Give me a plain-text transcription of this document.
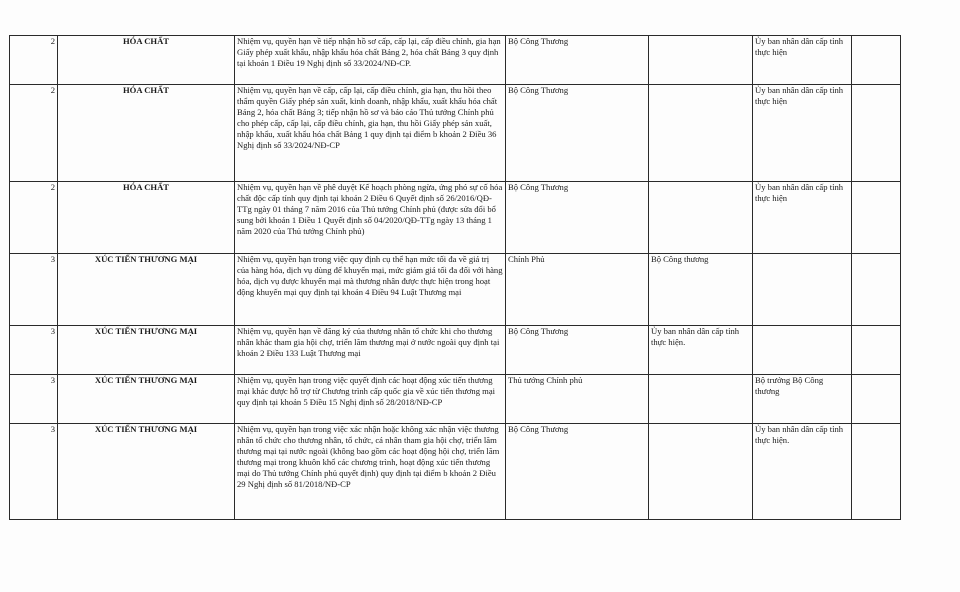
2	HÓA CHẤT	Nhiệm vụ, quyền hạn về tiếp nhận hồ sơ cấp, cấp lại, cấp điều chỉnh, gia hạn Giấy phép xuất khẩu, nhập khẩu hóa chất Bảng 2, hóa chất Bảng 3 quy định tại khoản 1 Điều 19 Nghị định số 33/2024/NĐ-CP.	Bộ Công Thương		Ủy ban nhân dân cấp tỉnh thực hiện	
2	HÓA CHẤT	Nhiệm vụ, quyền hạn về cấp, cấp lại, cấp điều chỉnh, gia hạn, thu hồi theo thẩm quyền Giấy phép sản xuất, kinh doanh, nhập khẩu, xuất khẩu hóa chất Bảng 2, hóa chất Bảng 3; tiếp nhận hồ sơ và báo cáo Thủ tướng Chính phủ cho phép cấp, cấp lại, cấp điều chỉnh, gia hạn, thu hồi Giấy phép sản xuất, nhập khẩu, xuất khẩu hóa chất Bảng 1 quy định tại điểm b khoản 2 Điều 36 Nghị định số 33/2024/NĐ-CP	Bộ Công Thương		Ủy ban nhân dân cấp tỉnh thực hiện	
2	HÓA CHẤT	Nhiệm vụ, quyền hạn về phê duyệt Kế hoạch phòng ngừa, ứng phó sự cố hóa chất độc cấp tỉnh quy định tại khoản 2 Điều 6 Quyết định số 26/2016/QĐ-TTg ngày 01 tháng 7 năm 2016 của Thủ tướng Chính phủ (được sửa đổi bổ sung bởi khoản 1 Điều 1 Quyết định số 04/2020/QĐ-TTg ngày 13 tháng 1 năm 2020 của Thủ tướng Chính phủ)	Bộ Công Thương		Ủy ban nhân dân cấp tỉnh thực hiện	
3	XÚC TIẾN THƯƠNG MẠI	Nhiệm vụ, quyền hạn trong việc quy định cụ thể hạn mức tối đa về giá trị của hàng hóa, dịch vụ dùng để khuyến mại, mức giảm giá tối đa đối với hàng hóa, dịch vụ được khuyến mại mà thương nhân được thực hiện trong hoạt động khuyến mại quy định tại khoản 4 Điều 94 Luật Thương mại	Chính Phủ	Bộ Công thương		
3	XÚC TIẾN THƯƠNG MẠI	Nhiệm vụ, quyền hạn về đăng ký của thương nhân tổ chức khi cho thương nhân khác tham gia hội chợ, triển lãm thương mại ở nước ngoài quy định tại khoản 2 Điều 133 Luật Thương mại	Bộ Công Thương	Ủy ban nhân dân cấp tỉnh thực hiện.		
3	XÚC TIẾN THƯƠNG MẠI	Nhiệm vụ, quyền hạn trong việc quyết định các hoạt động xúc tiến thương mại khác được hỗ trợ từ Chương trình cấp quốc gia về xúc tiến thương mại quy định tại khoản 5 Điều 15 Nghị định số 28/2018/NĐ-CP	Thủ tướng Chính phủ		Bộ trưởng Bộ Công thương	
3	XÚC TIẾN THƯƠNG MẠI	Nhiệm vụ, quyền hạn trong việc xác nhận hoặc không xác nhận việc thương nhân tổ chức cho thương nhân, tổ chức, cá nhân tham gia hội chợ, triển lãm thương mại tại nước ngoài (không bao gồm các hoạt động hội chợ, triển lãm thương mại trong khuôn khổ các chương trình, hoạt động xúc tiến thương mại do Thủ tướng Chính phủ quyết định) quy định tại điểm b khoản 2 Điều 29 Nghị định số 81/2018/NĐ-CP	Bộ Công Thương		Ủy ban nhân dân cấp tỉnh thực hiện.	
